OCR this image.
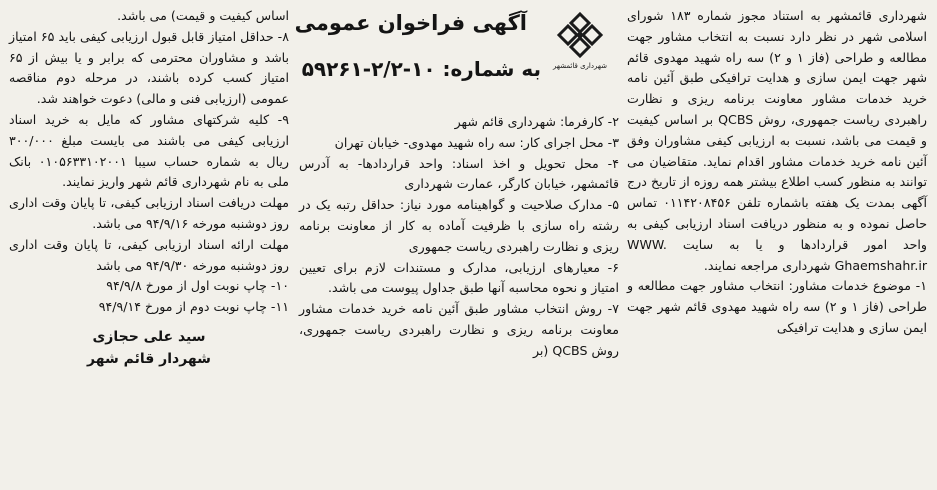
شهرداری قائمشهر به استناد مجوز شماره ۱۸۳ شورای اسلامی شهر در نظر دارد نسبت به انتخاب مشاور جهت مطالعه و طراحی (فاز ۱ و ۲) سه راه شهید مهدوی قائم شهر جهت ایمن سازی و هدایت ترافیکی طبق آئین نامه خرید خدمات مشاور معاونت برنامه ریزی و نظارت راهبردی ریاست جمهوری، روش QCBS بر اساس کیفیت و قیمت می باشد، نسبت به ارزیابی کیفی مشاوران وفق آئین نامه خرید خدمات مشاور اقدام نماید. متقاضیان می توانند به منظور کسب اطلاع بیشتر همه روزه از تاریخ درج آگهی بمدت یک هفته باشماره تلفن ۰۱۱۴۲۰۸۴۵۶ تماس حاصل نموده و به منظور دریافت اسناد ارزیابی کیفی به واحد امور قراردادها و یا به سایت WWW. Ghaemshahr.ir شهرداری مراجعه نمایند.

۱- موضوع خدمات مشاور: انتخاب مشاور جهت مطالعه و طراحی (فاز ۱ و ۲) سه راه شهید مهدوی قائم شهر جهت ایمن سازی و هدایت ترافیکی

شهرداری قائمشهر
آگهی فراخوان عمومی
به شماره: ۱۰-۲/۲-۵۹۲۶۱

۲- کارفرما: شهرداری قائم شهر

۳- محل اجرای کار: سه راه شهید مهدوی- خیابان تهران

۴- محل تحویل و اخذ اسناد: واحد قراردادها- به آدرس قائمشهر، خیابان کارگر، عمارت شهرداری

۵- مدارک صلاحیت و گواهینامه مورد نیاز: حداقل رتبه یک در رشته راه سازی با ظرفیت آماده به کار از معاونت برنامه ریزی و نظارت راهبردی ریاست جمهوری

۶- معیارهای ارزیابی، مدارک و مستندات لازم برای تعیین امتیاز و نحوه محاسبه آنها طبق جداول پیوست می باشد.

۷- روش انتخاب مشاور طبق آئین نامه خرید خدمات مشاور معاونت برنامه ریزی و نظارت راهبردی ریاست جمهوری، روش QCBS (بر

اساس کیفیت و قیمت) می باشد.

۸- حداقل امتیاز قابل قبول ارزیابی کیفی باید ۶۵ امتیاز باشد و مشاوران محترمی که برابر و یا بیش از ۶۵ امتیاز کسب کرده باشند، در مرحله دوم مناقصه عمومی (ارزیابی فنی و مالی) دعوت خواهند شد.

۹- کلیه شرکتهای مشاور که مایل به خرید اسناد ارزیابی کیفی می باشند می بایست مبلغ ۳۰۰/۰۰۰ ریال به شماره حساب سیبا ۰۱۰۵۶۳۳۱۰۲۰۰۱ بانک ملی به نام شهرداری قائم شهر واریز نمایند.

مهلت دریافت اسناد ارزیابی کیفی، تا پایان وقت اداری روز دوشنبه مورخه ۹۴/۹/۱۶ می باشد.

مهلت ارائه اسناد ارزیابی کیفی، تا پایان وقت اداری روز دوشنبه مورخه ۹۴/۹/۳۰ می باشد

۱۰- چاپ نوبت اول از مورخ ۹۴/۹/۸

۱۱- چاپ نوبت دوم از مورخ ۹۴/۹/۱۴

سید علی حجازی
شهردار قائم شهر
